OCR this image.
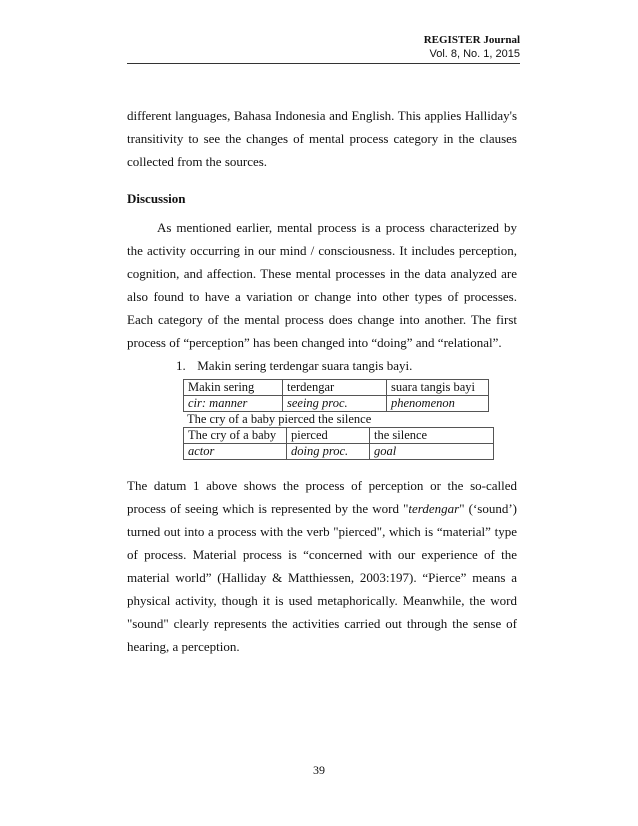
REGISTER Journal
Vol. 8, No. 1, 2015

different languages, Bahasa Indonesia and English. This applies Halliday's transitivity to see the changes of mental process category in the clauses collected from the sources.

Discussion

As mentioned earlier, mental process is a process characterized by the activity occurring in our mind / consciousness. It includes perception, cognition, and affection. These mental processes in the data analyzed are also found to have a variation or change into other types of processes. Each category of the mental process does change into another. The first process of “perception” has been changed into “doing” and “relational”.

1. Makin sering terdengar suara tangis bayi.
Makin sering	terdengar	suara tangis bayi
cir: manner	seeing proc.	phenomenon
The cry of a baby pierced the silence
The cry of a baby	pierced	the silence
actor	doing proc.	goal

The datum 1 above shows the process of perception or the so-called process of seeing which is represented by the word "terdengar" (‘sound’) turned out into a process with the verb "pierced", which is “material” type of process. Material process is “concerned with our experience of the material world” (Halliday & Matthiessen, 2003:197). “Pierce” means a physical activity, though it is used metaphorically. Meanwhile, the word "sound" clearly represents the activities carried out through the sense of hearing, a perception.

39
